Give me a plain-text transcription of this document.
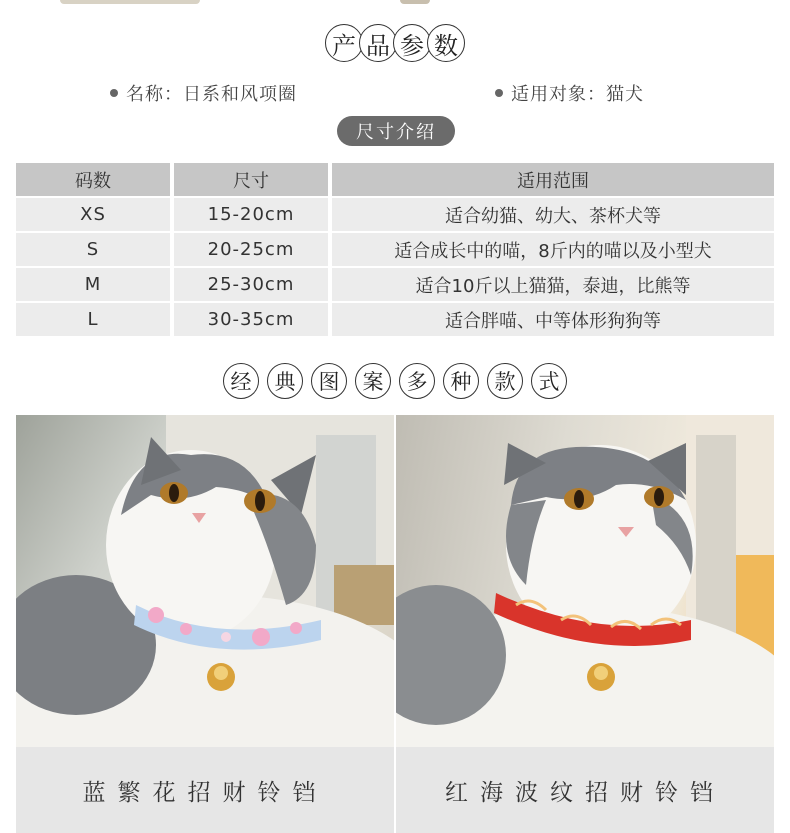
产 品 参 数
名称：日系和风项圈	适用对象：猫犬
尺寸介绍
码数	尺寸	适用范围
XS	15-20cm	适合幼猫、幼大、茶杯犬等
S	20-25cm	适合成长中的喵，8斤内的喵以及小型犬
M	25-30cm	适合10斤以上猫猫，泰迪，比熊等
L	30-35cm	适合胖喵、中等体形狗狗等
经	典	图	案	多	种	款	式
蓝繁花招财铃铛	红海波纹招财铃铛
